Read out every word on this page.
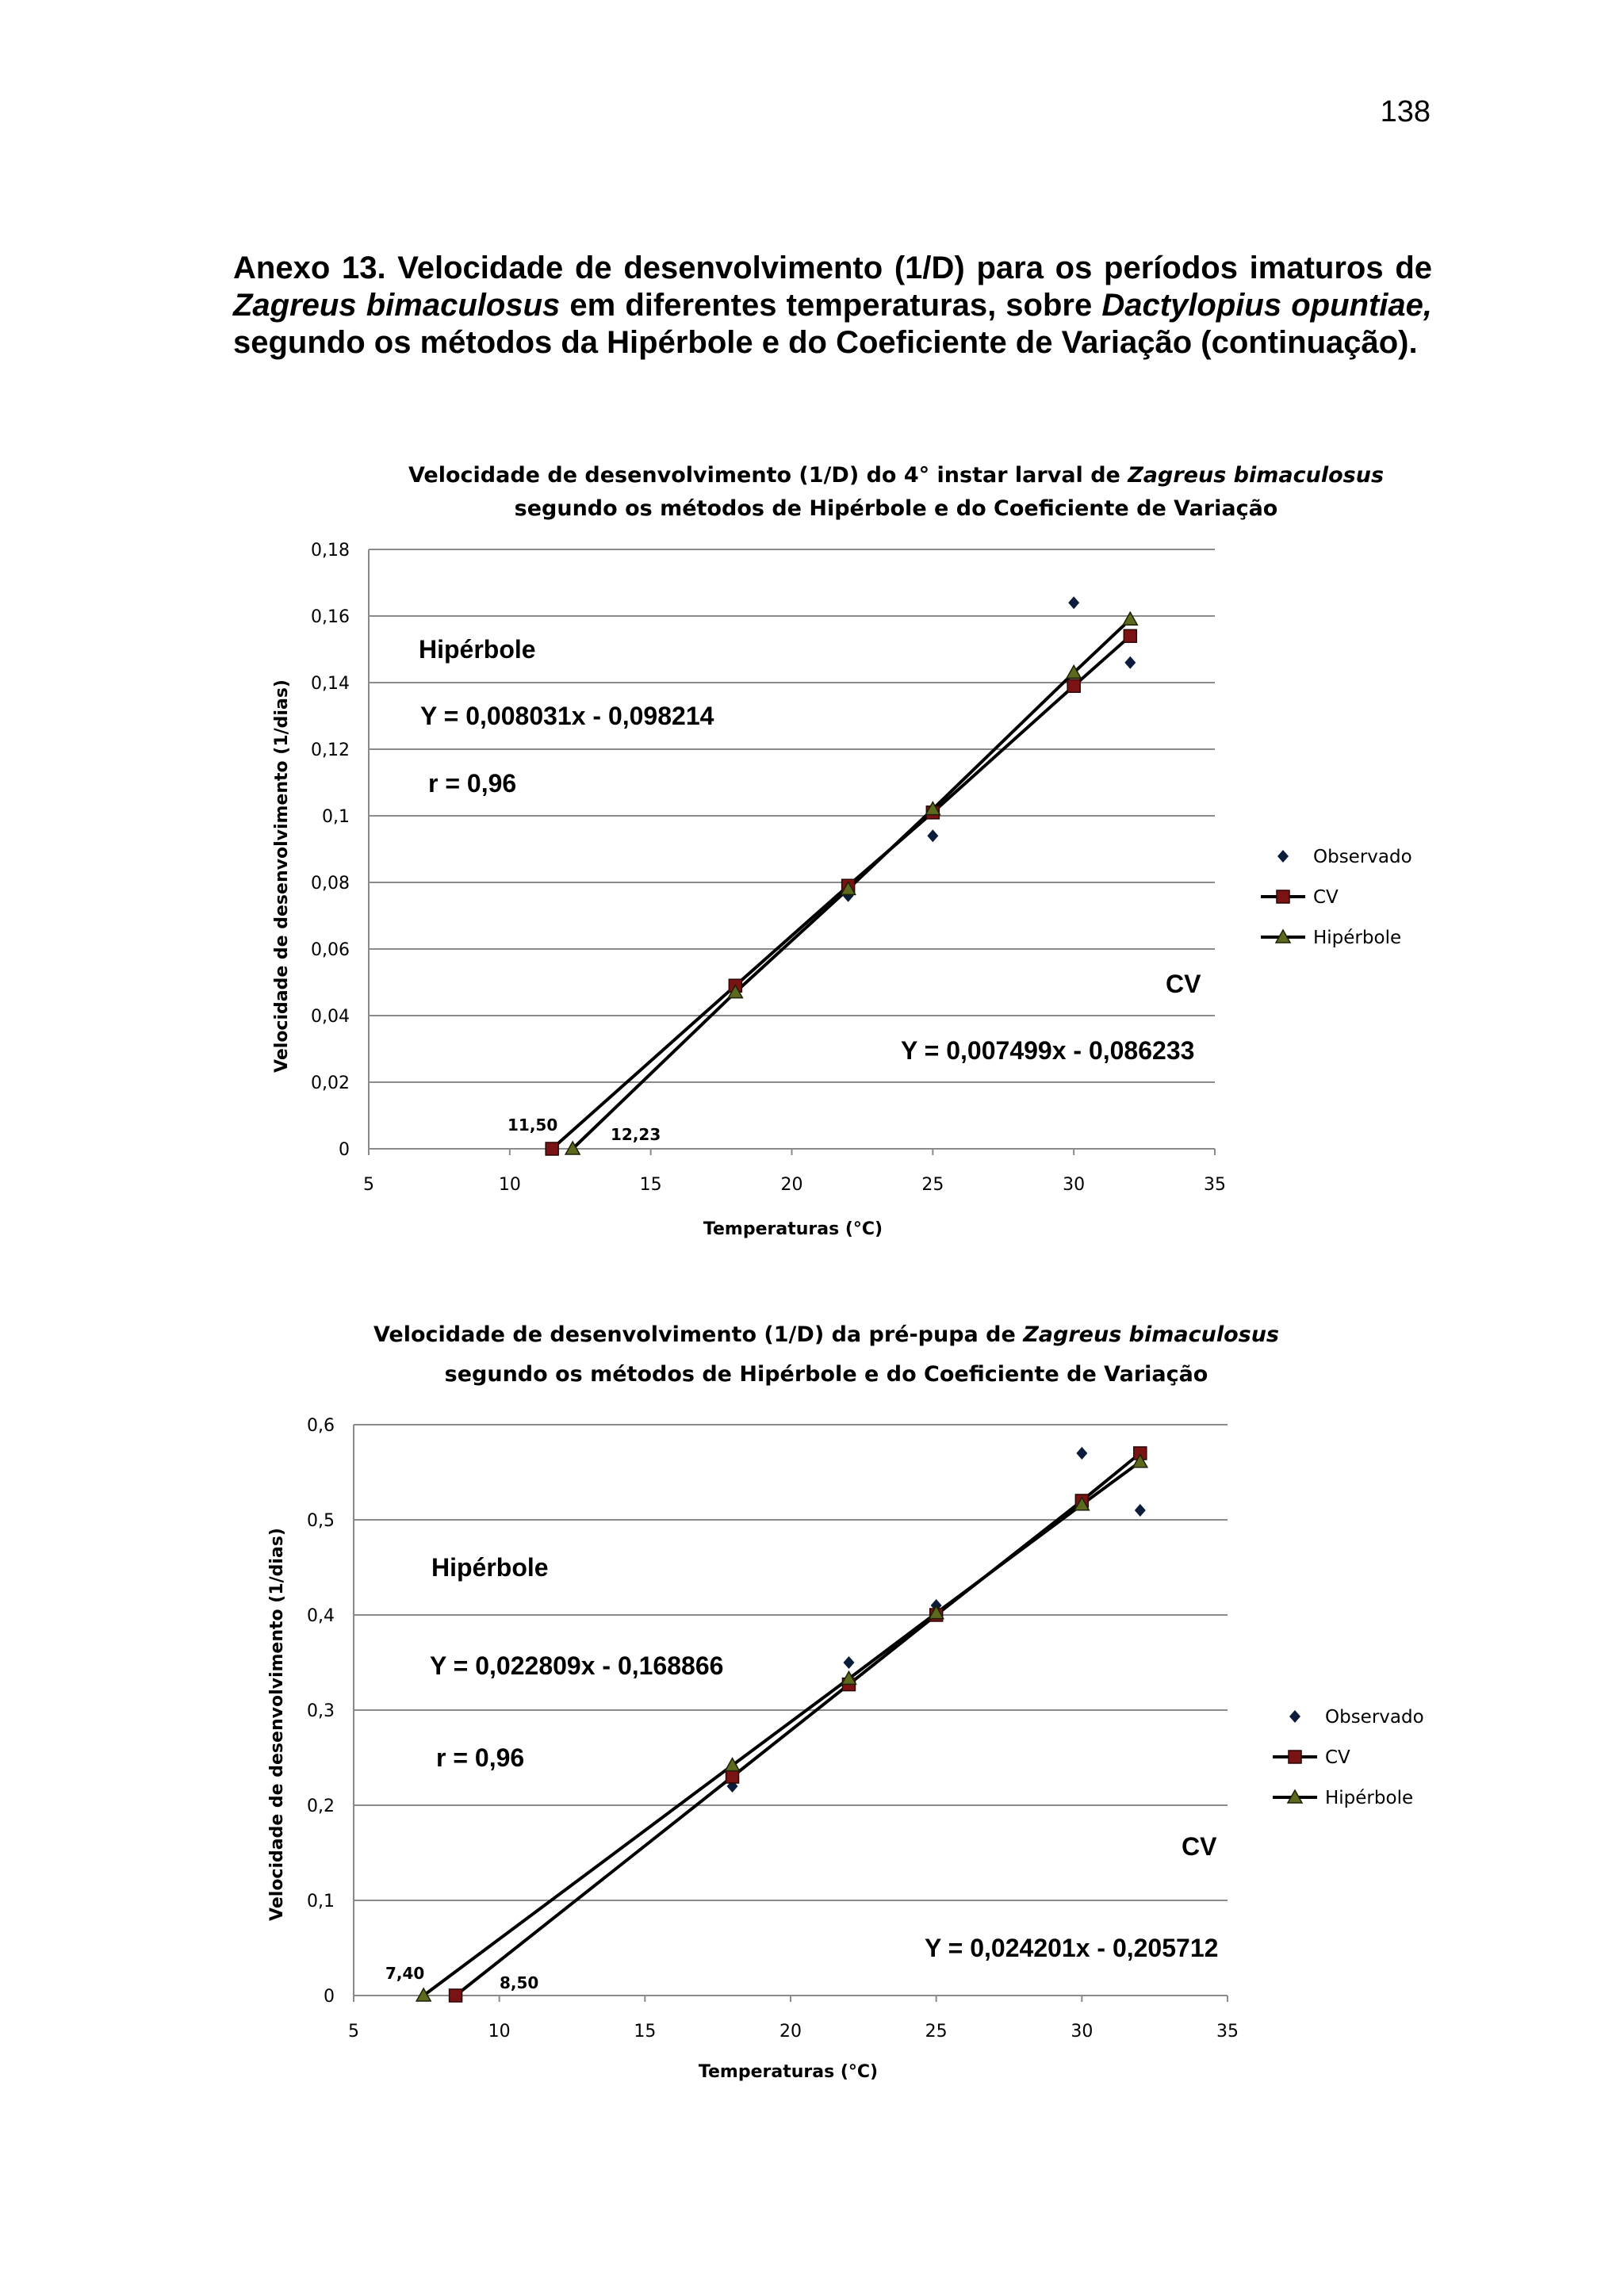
138
Anexo 13. Velocidade de desenvolvimento (1/D) para os períodos imaturos de Zagreus bimaculosus em diferentes temperaturas, sobre Dactylopius opuntiae, segundo os métodos da Hipérbole e do Coeficiente de Variação (continuação).
Velocidade de desenvolvimento (1/D) do 4° instar larval de Zagreus bimaculosus
segundo os métodos de Hipérbole e do Coeficiente de Variação
0
0,02
0,04
0,06
0,08
0,1
0,12
0,14
0,16
0,18
5	10	15	20	25	30	35
Hipérbole
Y = 0,008031x - 0,098214
r = 0,96
CV
Y = 0,007499x - 0,086233
11,50	12,23
Temperaturas (°C)
Velocidade de desenvolvimento (1/dias)	Observado
CV
Hipérbole
Velocidade de desenvolvimento (1/D) da pré-pupa de Zagreus bimaculosus
segundo os métodos de Hipérbole e do Coeficiente de Variação
0
0,1
0,2
0,3
0,4
0,5
0,6
5	10	15	20	25	30	35
Hipérbole
Y = 0,022809x - 0,168866
r = 0,96
CV
Y = 0,024201x - 0,205712
7,40	8,50
Temperaturas (°C)
Velocidade de desenvolvimento (1/dias)	Observado
CV
Hipérbole
